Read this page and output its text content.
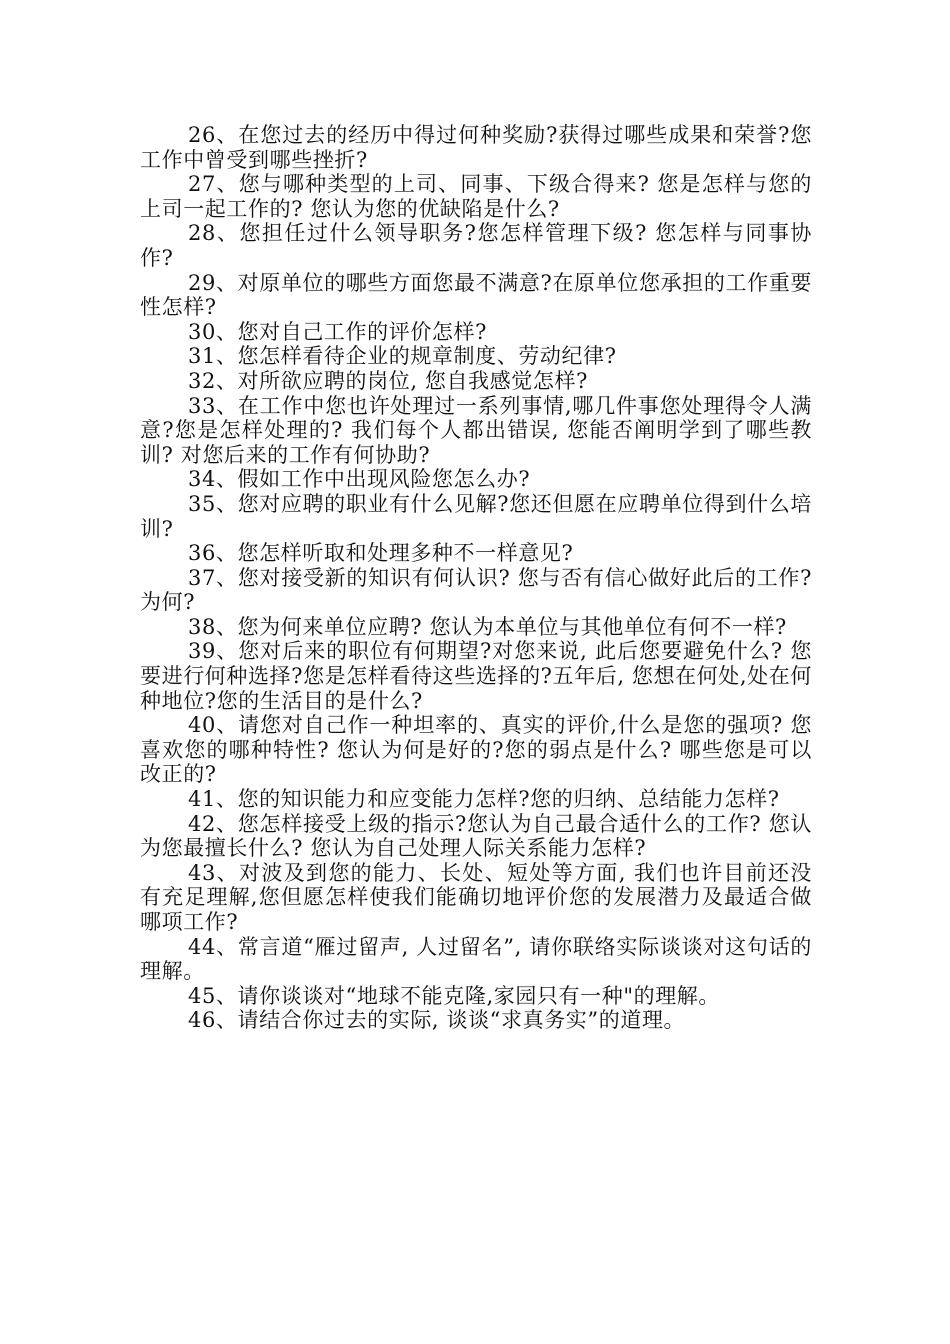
26、在您过去的经历中得过何种奖励?获得过哪些成果和荣誉?您工作中曾受到哪些挫折?

27、您与哪种类型的上司、同事、下级合得来? 您是怎样与您的上司一起工作的? 您认为您的优缺陷是什么?

28、您担任过什么领导职务?您怎样管理下级? 您怎样与同事协作?

29、对原单位的哪些方面您最不满意?在原单位您承担的工作重要性怎样?

30、您对自己工作的评价怎样?

31、您怎样看待企业的规章制度、劳动纪律?

32、对所欲应聘的岗位, 您自我感觉怎样?

33、在工作中您也许处理过一系列事情,哪几件事您处理得令人满意?您是怎样处理的? 我们每个人都出错误, 您能否阐明学到了哪些教训? 对您后来的工作有何协助?

34、假如工作中出现风险您怎么办?

35、您对应聘的职业有什么见解?您还但愿在应聘单位得到什么培训?

36、您怎样听取和处理多种不一样意见?

37、您对接受新的知识有何认识? 您与否有信心做好此后的工作? 为何?

38、您为何来单位应聘? 您认为本单位与其他单位有何不一样?

39、您对后来的职位有何期望?对您来说, 此后您要避免什么? 您要进行何种选择?您是怎样看待这些选择的?五年后, 您想在何处,处在何种地位?您的生活目的是什么?

40、请您对自己作一种坦率的、真实的评价,什么是您的强项? 您喜欢您的哪种特性? 您认为何是好的?您的弱点是什么? 哪些您是可以改正的?

41、您的知识能力和应变能力怎样?您的归纳、总结能力怎样?

42、您怎样接受上级的指示?您认为自己最合适什么的工作? 您认为您最擅长什么? 您认为自己处理人际关系能力怎样?

43、对波及到您的能力、长处、短处等方面, 我们也许目前还没有充足理解,您但愿怎样使我们能确切地评价您的发展潜力及最适合做哪项工作?

44、常言道“雁过留声, 人过留名”, 请你联络实际谈谈对这句话的理解。

45、请你谈谈对“地球不能克隆,家园只有一种"的理解。

46、请结合你过去的实际, 谈谈“求真务实”的道理。
